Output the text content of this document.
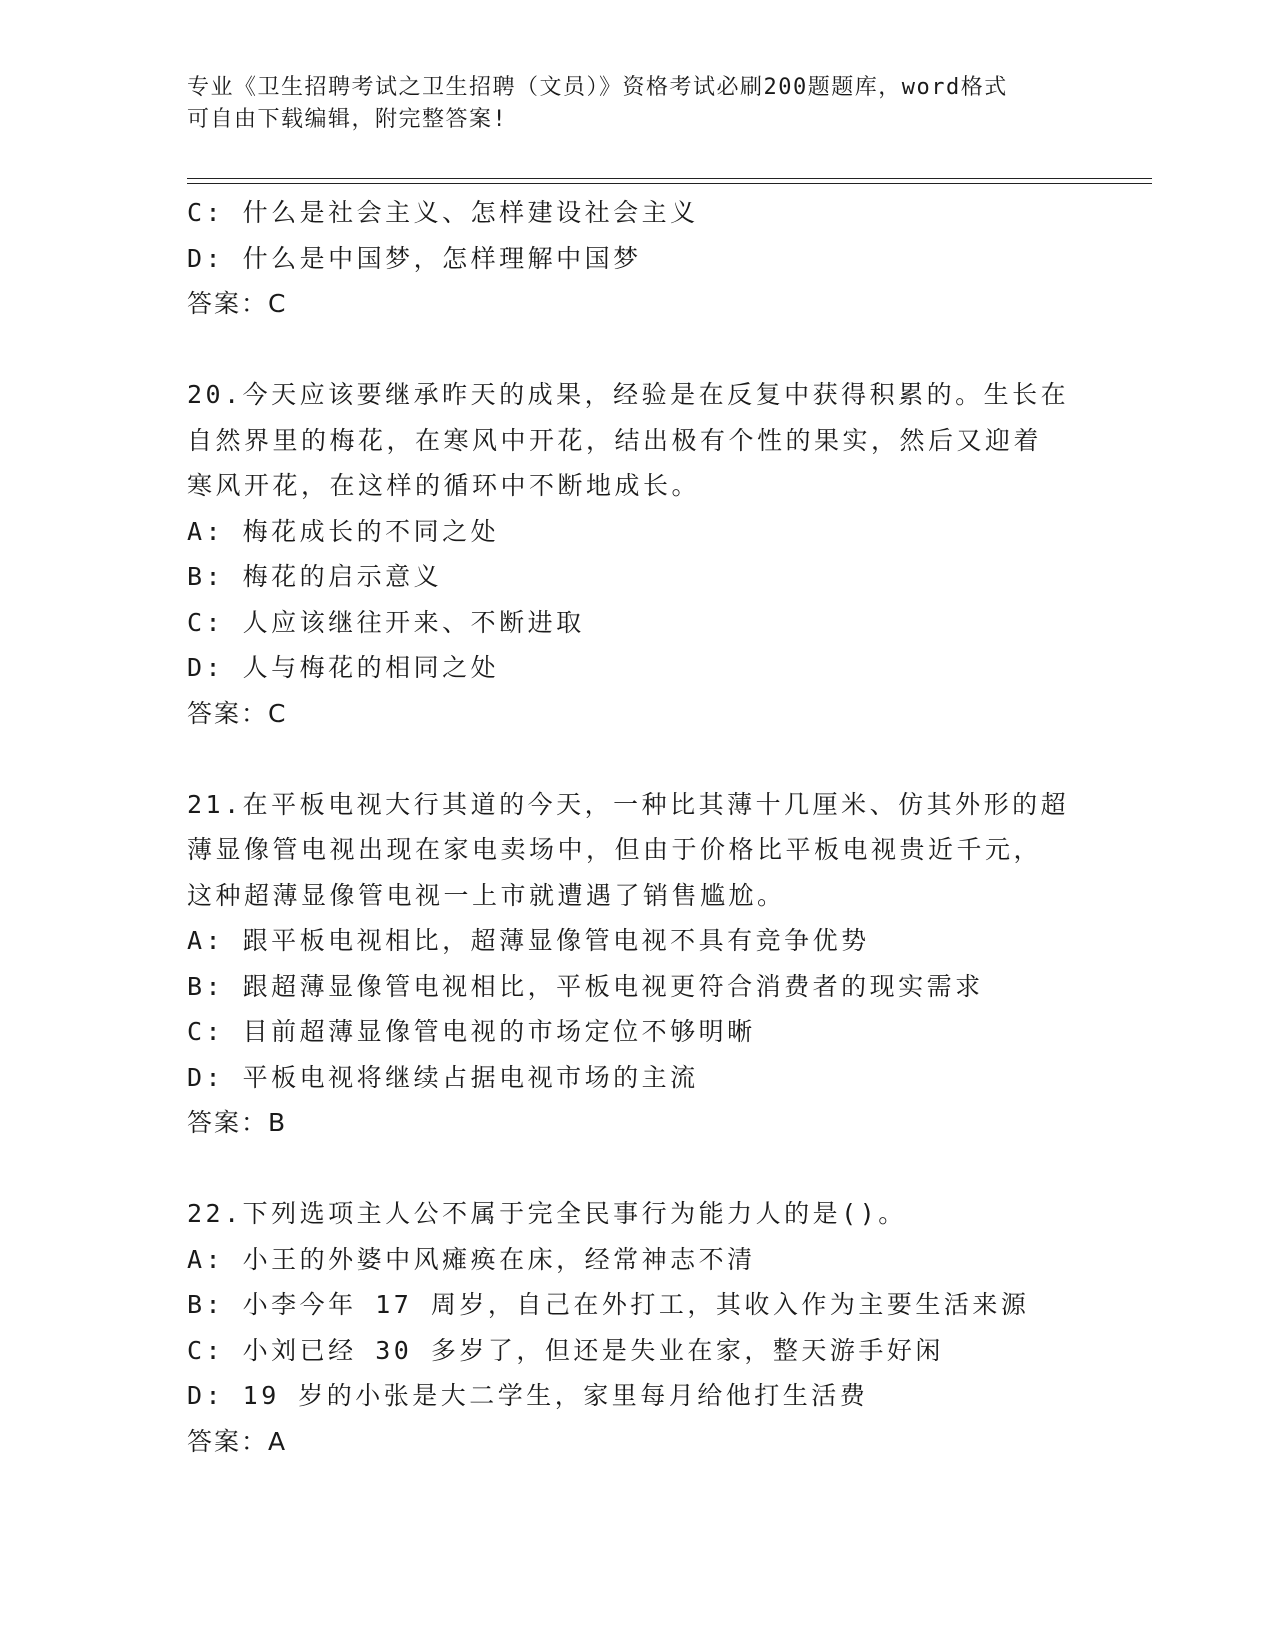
专业《卫生招聘考试之卫生招聘（文员）》资格考试必刷200题题库，word格式
可自由下载编辑，附完整答案!
C: 什么是社会主义、怎样建设社会主义
D: 什么是中国梦，怎样理解中国梦
答案：C
20.今天应该要继承昨天的成果，经验是在反复中获得积累的。生长在
自然界里的梅花，在寒风中开花，结出极有个性的果实，然后又迎着
寒风开花，在这样的循环中不断地成长。
A: 梅花成长的不同之处
B: 梅花的启示意义
C: 人应该继往开来、不断进取
D: 人与梅花的相同之处
答案：C
21.在平板电视大行其道的今天，一种比其薄十几厘米、仿其外形的超
薄显像管电视出现在家电卖场中，但由于价格比平板电视贵近千元，
这种超薄显像管电视一上市就遭遇了销售尴尬。
A: 跟平板电视相比，超薄显像管电视不具有竞争优势
B: 跟超薄显像管电视相比，平板电视更符合消费者的现实需求
C: 目前超薄显像管电视的市场定位不够明晰
D: 平板电视将继续占据电视市场的主流
答案：B
22.下列选项主人公不属于完全民事行为能力人的是()。
A: 小王的外婆中风瘫痪在床，经常神志不清
B: 小李今年 17 周岁，自己在外打工，其收入作为主要生活来源
C: 小刘已经 30 多岁了，但还是失业在家，整天游手好闲
D: 19 岁的小张是大二学生，家里每月给他打生活费
答案：A
